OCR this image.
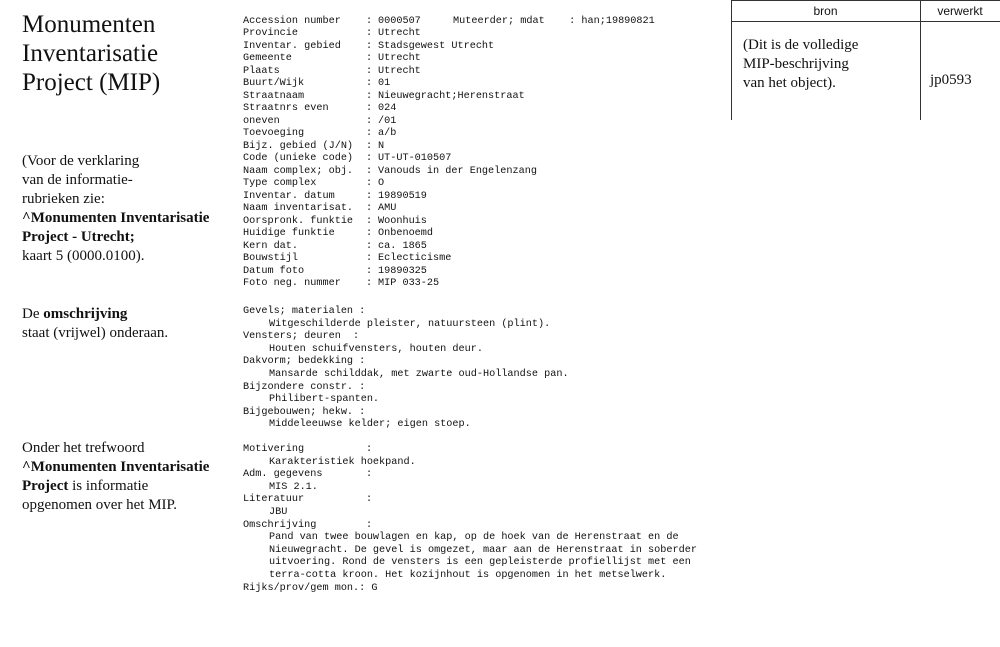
Monumenten
Inventarisatie
Project (MIP)
(Voor de verklaring
van de informatie-
rubrieken zie:
^Monumenten Inventarisatie
Project - Utrecht;
kaart 5 (0000.0100).
De omschrijving
staat (vrijwel) onderaan.
Onder het trefwoord
^Monumenten Inventarisatie
Project is informatie
opgenomen over het MIP.
Muteerder; mdat    : han;19890821
Accession number	: 0000507
Provincie	: Utrecht
Inventar. gebied	: Stadsgewest Utrecht
Gemeente	: Utrecht
Plaats	: Utrecht
Buurt/Wijk	: 01
Straatnaam	: Nieuwegracht;Herenstraat
Straatnrs even	: 024
oneven	: /01
Toevoeging	: a/b
Bijz. gebied (J/N)	: N
Code (unieke code)	: UT-UT-010507
Naam complex; obj.	: Vanouds in der Engelenzang
Type complex	: O
Inventar. datum	: 19890519
Naam inventarisat.	: AMU
Oorspronk. funktie	: Woonhuis
Huidige funktie	: Onbenoemd
Kern dat.	: ca. 1865
Bouwstijl	: Eclecticisme
Datum foto	: 19890325
Foto neg. nummer	: MIP 033-25
Gevels; materialen :
Witgeschilderde pleister, natuursteen (plint).
Vensters; deuren  :
Houten schuifvensters, houten deur.
Dakvorm; bedekking :
Mansarde schilddak, met zwarte oud-Hollandse pan.
Bijzondere constr. :
Philibert-spanten.
Bijgebouwen; hekw. :
Middeleeuwse kelder; eigen stoep.
Motivering	:
Karakteristiek hoekpand.
Adm. gegevens	:
MIS 2.1.
Literatuur	:
JBU
Omschrijving	:
Pand van twee bouwlagen en kap, op de hoek van de Herenstraat en de
Nieuwegracht. De gevel is omgezet, maar aan de Herenstraat in soberder
uitvoering. Rond de vensters is een gepleisterde profiellijst met een
terra-cotta kroon. Het kozijnhout is opgenomen in het metselwerk.
Rijks/prov/gem mon.: G
bron	verwerkt
(Dit is de volledige
MIP-beschrijving
van het object).	jp0593
